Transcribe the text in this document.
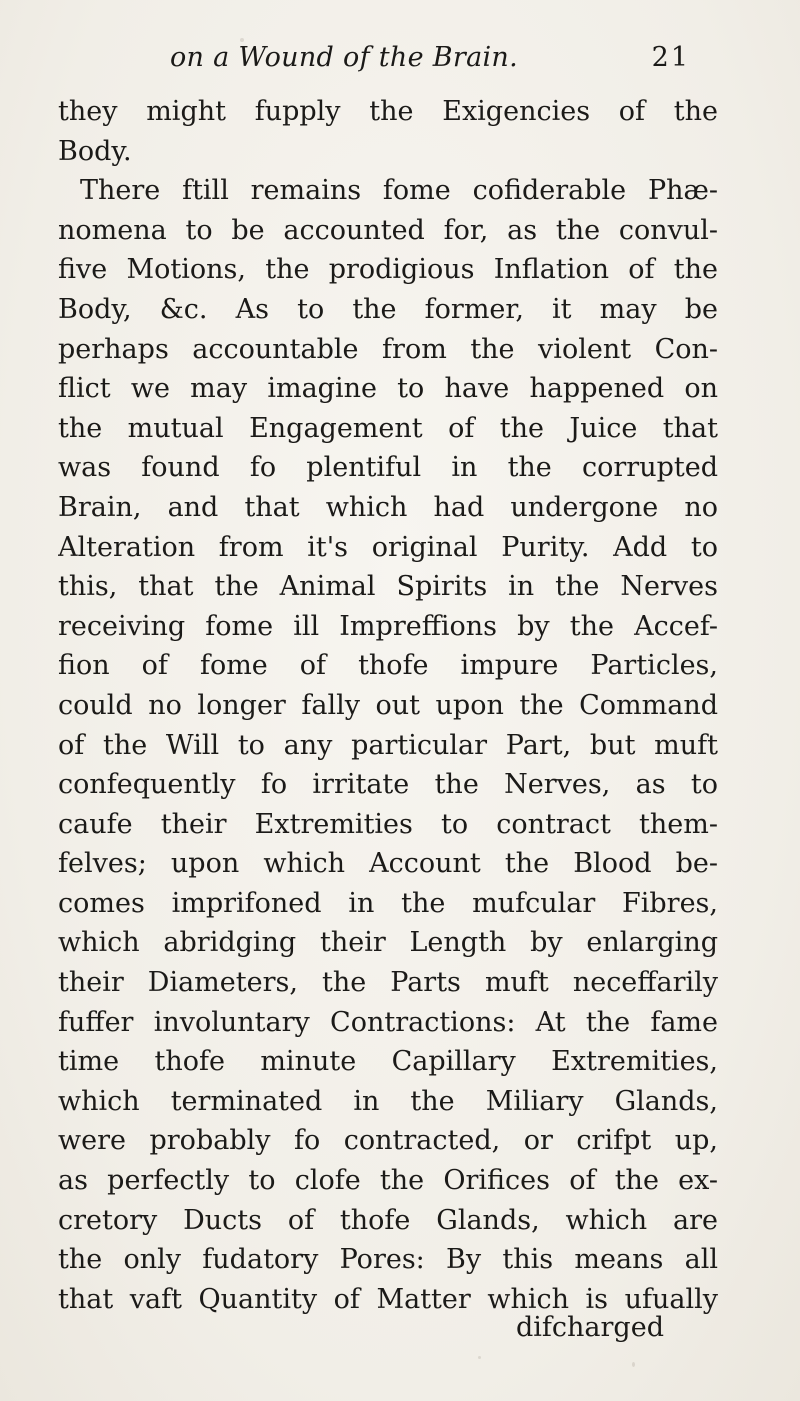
on a Wound of the Brain.	21
they might fupply the Exigencies of the
Body.
There ftill remains fome cofiderable Phæ-
nomena to be accounted for, as the convul-
five Motions, the prodigious Inflation of the
Body, &c. As to the former, it may be
perhaps accountable from the violent Con-
flict we may imagine to have happened on
the mutual Engagement of the Juice that
was found fo plentiful in the corrupted
Brain, and that which had undergone no
Alteration from it's original Purity. Add to
this, that the Animal Spirits in the Nerves
receiving fome ill Impreffions by the Accef-
fion of fome of thofe impure Particles,
could no longer fally out upon the Command
of the Will to any particular Part, but muft
confequently fo irritate the Nerves, as to
caufe their Extremities to contract them-
felves; upon which Account the Blood be-
comes imprifoned in the mufcular Fibres,
which abridging their Length by enlarging
their Diameters, the Parts muft neceffarily
fuffer involuntary Contractions: At the fame
time thofe minute Capillary Extremities,
which terminated in the Miliary Glands,
were probably fo contracted, or crifpt up,
as perfectly to clofe the Orifices of the ex-
cretory Ducts of thofe Glands, which are
the only fudatory Pores: By this means all
that vaft Quantity of Matter which is ufually
difcharged
